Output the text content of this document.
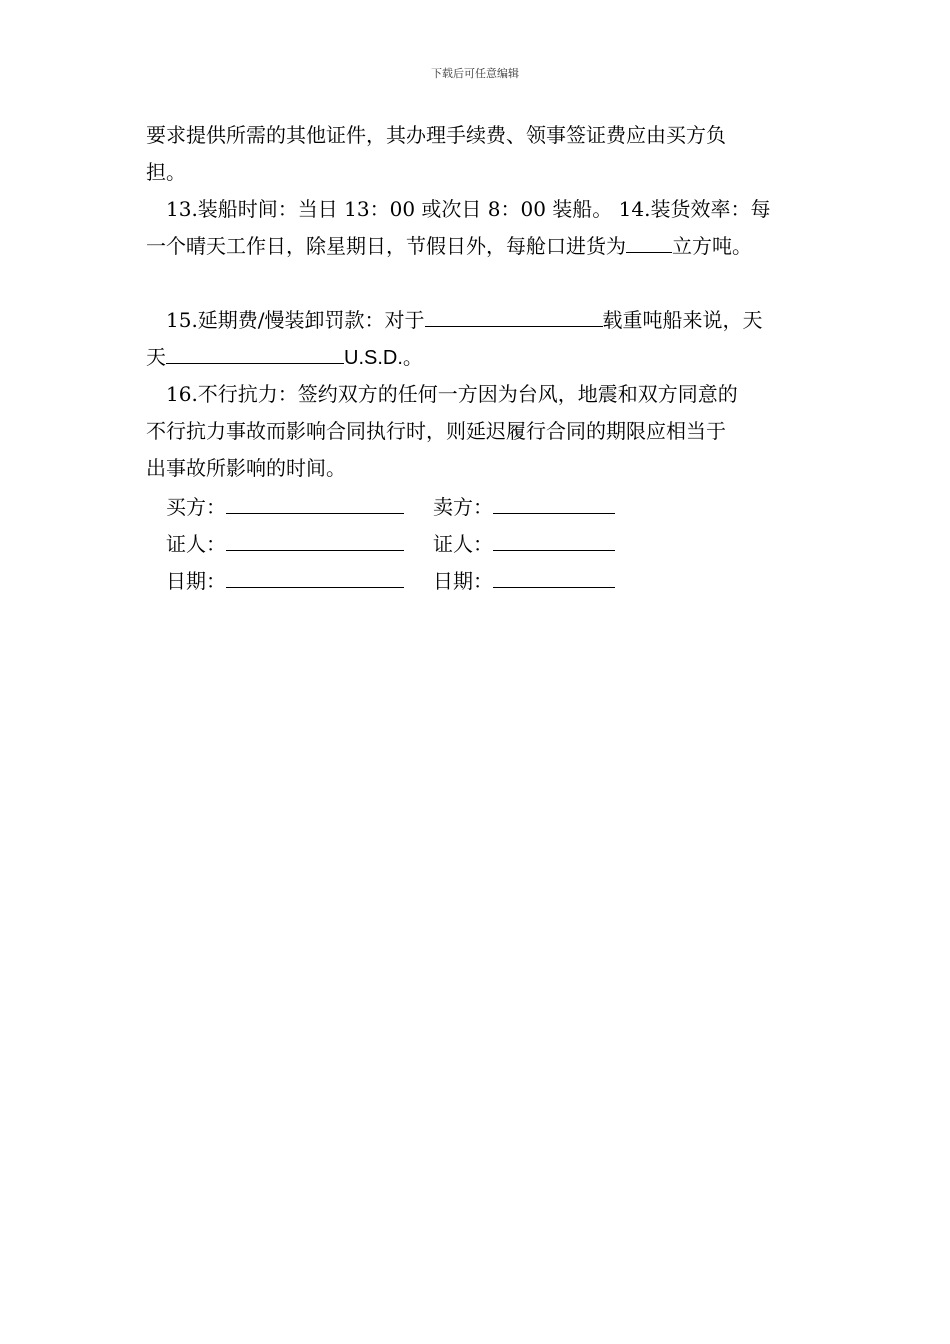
下载后可任意编辑
要求提供所需的其他证件，其办理手续费、领事签证费应由买方负
担。
13.装船时间：当日 13：00 或次日 8：00 装船。 14.装货效率：每
一个晴天工作日，除星期日，节假日外，每舱口进货为 立方吨。
15.延期费/慢装卸罚款：对于	载重吨船来说，天
天	U.S.D.。
16.不行抗力：签约双方的任何一方因为台风，地震和双方同意的
不行抗力事故而影响合同执行时，则延迟履行合同的期限应相当于
出事故所影响的时间。
买方：	卖方：
证人：	证人：
日期：	日期：
